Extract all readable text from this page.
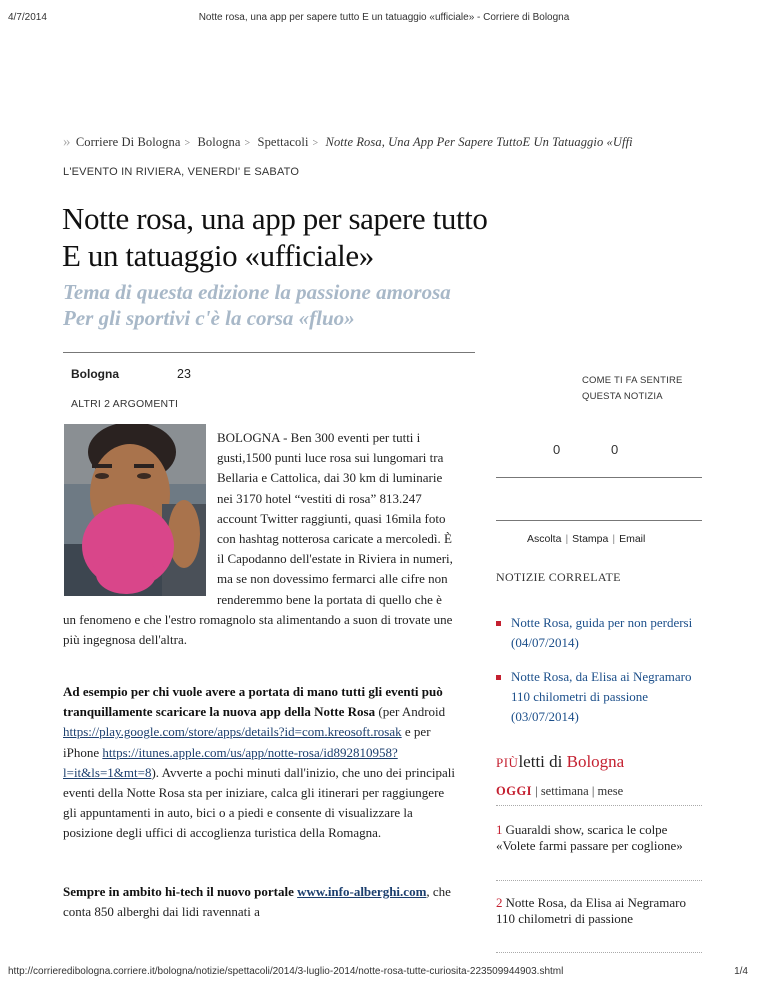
4/7/2014	Notte rosa, una app per sapere tutto E un tatuaggio «ufficiale» - Corriere di Bologna
» Corriere Di Bologna > Bologna > Spettacoli > Notte Rosa, Una App Per Sapere TuttoE Un Tatuaggio «Uffi
L'EVENTO IN RIVIERA, VENERDI' E SABATO
Notte rosa, una app per sapere tutto
E un tatuaggio «ufficiale»
Tema di questa edizione la passione amorosa
Per gli sportivi c'è la corsa «fluo»
Bologna	23
ALTRI 2 ARGOMENTI

BOLOGNA - Ben 300 eventi per tutti i gusti,1500 punti luce rosa sui lungomari tra Bellaria e Cattolica, dai 30 km di luminarie nei 3170 hotel “vestiti di rosa” 813.247 account Twitter raggiunti, quasi 16mila foto con hashtag notterosa caricate a mercoledì. È il Capodanno dell'estate in Riviera in numeri, ma se non dovessimo fermarci alle cifre non renderemmo bene la portata di quello che è un fenomeno e che l'estro romagnolo sta alimentando a suon di trovate une più ingegnosa dell'altra.

Ad esempio per chi vuole avere a portata di mano tutti gli eventi può tranquillamente scaricare la nuova app della Notte Rosa (per Android https://play.google.com/store/apps/details?id=com.kreosoft.rosak e per iPhone https://itunes.apple.com/us/app/notte-rosa/id892810958?l=it&ls=1&mt=8). Avverte a pochi minuti dall'inizio, che uno dei principali eventi della Notte Rosa sta per iniziare, calca gli itinerari per raggiungere gli appuntamenti in auto, bici o a piedi e consente di visualizzare la posizione degli uffici di accoglienza turistica della Romagna.

Sempre in ambito hi-tech il nuovo portale www.info-alberghi.com, che conta 850 alberghi dai lidi ravennati a

COME TI FA SENTIRE QUESTA NOTIZIA
0	0
Ascolta | Stampa | Email
NOTIZIE CORRELATE
Notte Rosa, guida per non perdersi (04/07/2014)
Notte Rosa, da Elisa ai Negramaro 110 chilometri di passione (03/07/2014)
PIÙletti di Bologna
OGGI | settimana | mese
1 Guaraldi show, scarica le colpe «Volete farmi passare per coglione»
2 Notte Rosa, da Elisa ai Negramaro 110 chilometri di passione
http://corrieredibologna.corriere.it/bologna/notizie/spettacoli/2014/3-luglio-2014/notte-rosa-tutte-curiosita-223509944903.shtml	1/4
